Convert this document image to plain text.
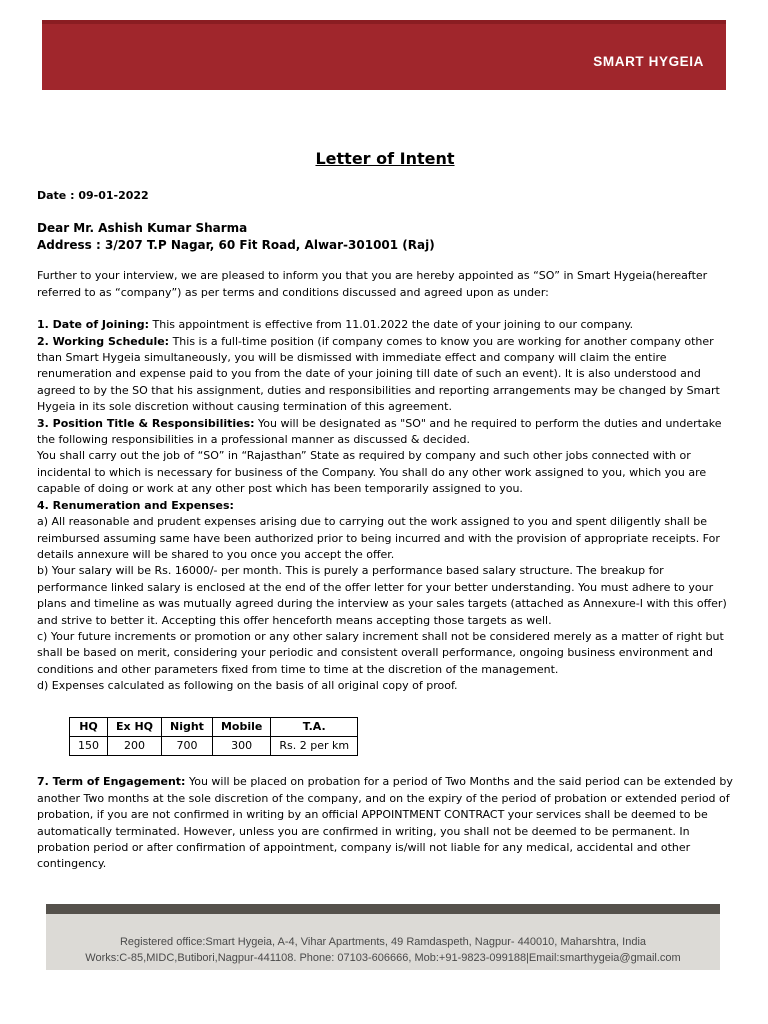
SMART HYGEIA
Letter of Intent
Date : 09-01-2022
Dear Mr. Ashish Kumar Sharma
Address : 3/207 T.P Nagar, 60 Fit Road, Alwar-301001 (Raj)

Further to your interview, we are pleased to inform you that you are hereby appointed as “SO” in Smart Hygeia(hereafter referred to as “company”) as per terms and conditions discussed and agreed upon as under:

1. Date of Joining: This appointment is effective from 11.01.2022 the date of your joining to our company.

2. Working Schedule: This is a full-time position (if company comes to know you are working for another company other than Smart Hygeia simultaneously, you will be dismissed with immediate effect and company will claim the entire renumeration and expense paid to you from the date of your joining till date of such an event). It is also understood and agreed to by the SO that his assignment, duties and responsibilities and reporting arrangements may be changed by Smart Hygeia in its sole discretion without causing termination of this agreement.

3. Position Title & Responsibilities: You will be designated as "SO" and he required to perform the duties and undertake the following responsibilities in a professional manner as discussed & decided.

You shall carry out the job of “SO” in “Rajasthan” State as required by company and such other jobs connected with or incidental to which is necessary for business of the Company. You shall do any other work assigned to you, which you are capable of doing or work at any other post which has been temporarily assigned to you.

4. Renumeration and Expenses:

a) All reasonable and prudent expenses arising due to carrying out the work assigned to you and spent diligently shall be reimbursed assuming same have been authorized prior to being incurred and with the provision of appropriate receipts. For details annexure will be shared to you once you accept the offer.

b) Your salary will be Rs. 16000/- per month. This is purely a performance based salary structure. The breakup for performance linked salary is enclosed at the end of the offer letter for your better understanding. You must adhere to your plans and timeline as was mutually agreed during the interview as your sales targets (attached as Annexure-I with this offer) and strive to better it. Accepting this offer henceforth means accepting those targets as well.

c) Your future increments or promotion or any other salary increment shall not be considered merely as a matter of right but shall be based on merit, considering your periodic and consistent overall performance, ongoing business environment and conditions and other parameters fixed from time to time at the discretion of the management.

d) Expenses calculated as following on the basis of all original copy of proof.

HQ	Ex HQ	Night	Mobile	T.A.
150	200	700	300	Rs. 2 per km

7. Term of Engagement: You will be placed on probation for a period of Two Months and the said period can be extended by another Two months at the sole discretion of the company, and on the expiry of the period of probation or extended period of probation, if you are not confirmed in writing by an official APPOINTMENT CONTRACT your services shall be deemed to be automatically terminated. However, unless you are confirmed in writing, you shall not be deemed to be permanent. In probation period or after confirmation of appointment, company is/will not liable for any medical, accidental and other contingency.

Registered office:Smart Hygeia, A-4, Vihar Apartments, 49 Ramdaspeth, Nagpur- 440010, Maharshtra, India
Works:C-85,MIDC,Butibori,Nagpur-441108. Phone: 07103-606666, Mob:+91-9823-099188|Email:smarthygeia@gmail.com
